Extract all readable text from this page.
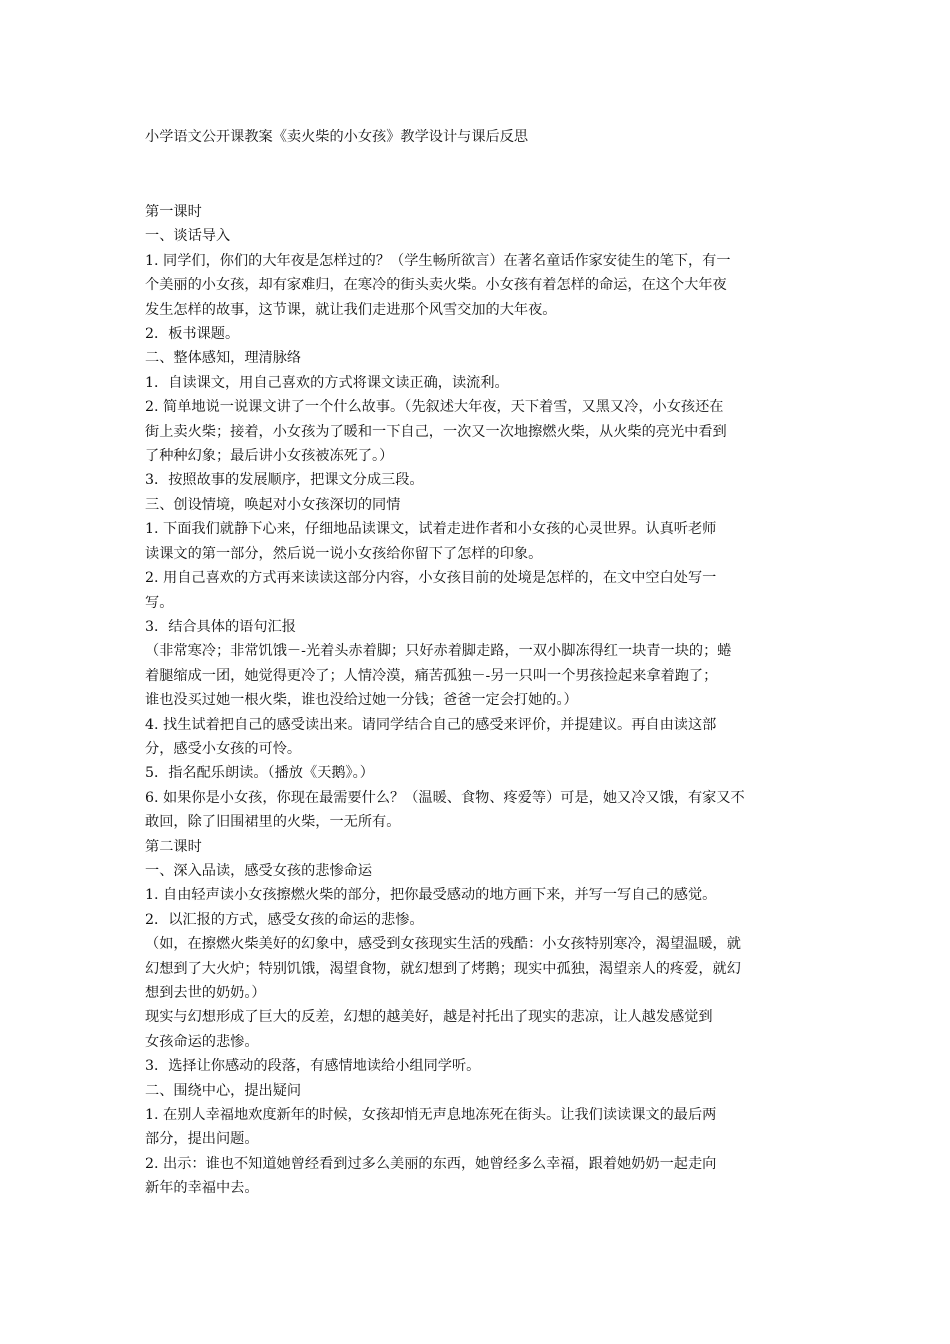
小学语文公开课教案《卖火柴的小女孩》教学设计与课后反思

第一课时

一、谈话导入

1. 同学们，你们的大年夜是怎样过的？（学生畅所欲言）在著名童话作家安徒生的笔下，有一

个美丽的小女孩，却有家难归，在寒冷的街头卖火柴。小女孩有着怎样的命运，在这个大年夜

发生怎样的故事，这节课，就让我们走进那个风雪交加的大年夜。

2．板书课题。

二、整体感知，理清脉络

1．自读课文，用自己喜欢的方式将课文读正确，读流利。

2. 简单地说一说课文讲了一个什么故事。（先叙述大年夜，天下着雪，又黑又冷，小女孩还在

街上卖火柴；接着，小女孩为了暖和一下自己，一次又一次地擦燃火柴，从火柴的亮光中看到

了种种幻象；最后讲小女孩被冻死了。）

3．按照故事的发展顺序，把课文分成三段。

三、创设情境，唤起对小女孩深切的同情

1. 下面我们就静下心来，仔细地品读课文，试着走进作者和小女孩的心灵世界。认真听老师

读课文的第一部分，然后说一说小女孩给你留下了怎样的印象。

2. 用自己喜欢的方式再来读读这部分内容，小女孩目前的处境是怎样的，在文中空白处写一

写。

3．结合具体的语句汇报

（非常寒冷；非常饥饿－-光着头赤着脚；只好赤着脚走路，一双小脚冻得红一块青一块的；蜷

着腿缩成一团，她觉得更冷了；人情冷漠，痛苦孤独－-另一只叫一个男孩捡起来拿着跑了；

谁也没买过她一根火柴，谁也没给过她一分钱；爸爸一定会打她的。）

4. 找生试着把自己的感受读出来。请同学结合自己的感受来评价，并提建议。再自由读这部

分，感受小女孩的可怜。

5．指名配乐朗读。（播放《天鹅》。）

6. 如果你是小女孩，你现在最需要什么？（温暖、食物、疼爱等）可是，她又冷又饿，有家又不

敢回，除了旧围裙里的火柴，一无所有。

第二课时

一、深入品读，感受女孩的悲惨命运

1. 自由轻声读小女孩擦燃火柴的部分，把你最受感动的地方画下来，并写一写自己的感觉。

2．以汇报的方式，感受女孩的命运的悲惨。

（如，在擦燃火柴美好的幻象中，感受到女孩现实生活的残酷：小女孩特别寒冷，渴望温暖，就

幻想到了大火炉；特别饥饿，渴望食物，就幻想到了烤鹅；现实中孤独，渴望亲人的疼爱，就幻

想到去世的奶奶。）

现实与幻想形成了巨大的反差，幻想的越美好，越是衬托出了现实的悲凉，让人越发感觉到

女孩命运的悲惨。

3．选择让你感动的段落，有感情地读给小组同学听。

二、围绕中心，提出疑问

1. 在别人幸福地欢度新年的时候，女孩却悄无声息地冻死在街头。让我们读读课文的最后两

部分，提出问题。

2. 出示：谁也不知道她曾经看到过多么美丽的东西，她曾经多么幸福，跟着她奶奶一起走向

新年的幸福中去。
